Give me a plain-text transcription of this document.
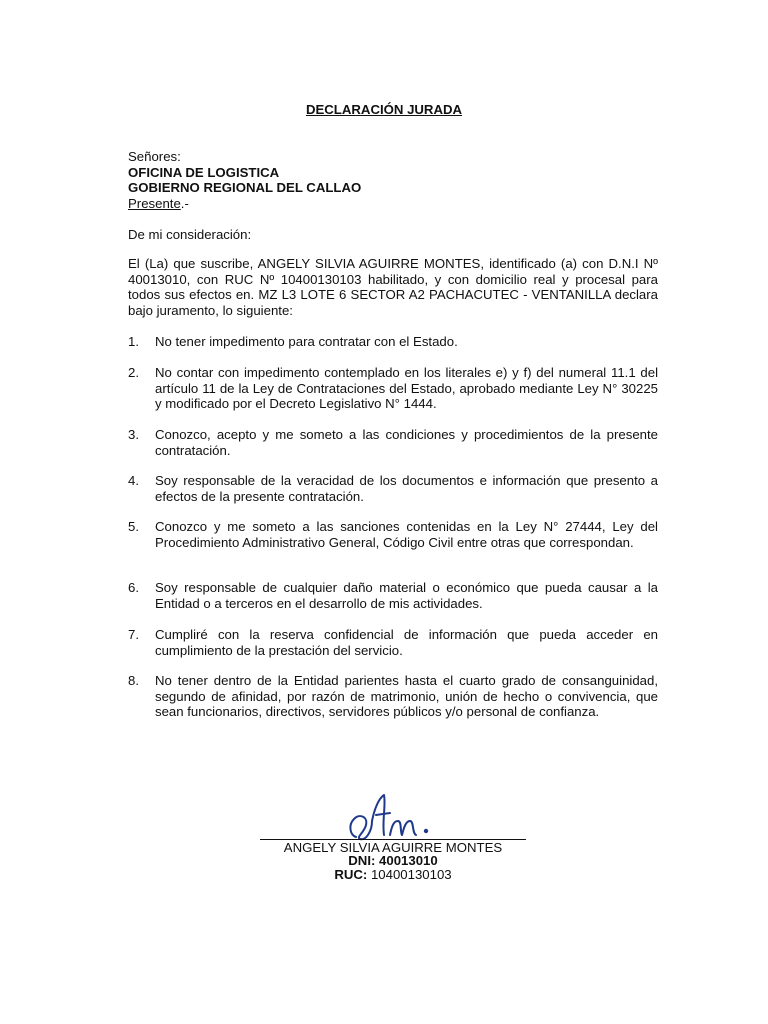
DECLARACIÓN JURADA
Señores:
OFICINA DE LOGISTICA
GOBIERNO REGIONAL DEL CALLAO
Presente.-
De mi consideración:
El (La) que suscribe, ANGELY SILVIA AGUIRRE MONTES, identificado (a) con D.N.I Nº 40013010, con RUC Nº 10400130103 habilitado, y con domicilio real y procesal para todos sus efectos en. MZ L3 LOTE 6 SECTOR A2 PACHACUTEC - VENTANILLA declara bajo juramento, lo siguiente:
1. No tener impedimento para contratar con el Estado.
2. No contar con impedimento contemplado en los literales e) y f) del numeral 11.1 del artículo 11 de la Ley de Contrataciones del Estado, aprobado mediante Ley N° 30225 y modificado por el Decreto Legislativo N° 1444.
3. Conozco, acepto y me someto a las condiciones y procedimientos de la presente contratación.
4. Soy responsable de la veracidad de los documentos e información que presento a efectos de la presente contratación.
5. Conozco y me someto a las sanciones contenidas en la Ley N° 27444, Ley del Procedimiento Administrativo General, Código Civil entre otras que correspondan.
6. Soy responsable de cualquier daño material o económico que pueda causar a la Entidad o a terceros en el desarrollo de mis actividades.
7. Cumpliré con la reserva confidencial de información que pueda acceder en cumplimiento de la prestación del servicio.
8. No tener dentro de la Entidad parientes hasta el cuarto grado de consanguinidad, segundo de afinidad, por razón de matrimonio, unión de hecho o convivencia, que sean funcionarios, directivos, servidores públicos y/o personal de confianza.
ANGELY SILVIA AGUIRRE MONTES
DNI: 40013010
RUC: 10400130103
